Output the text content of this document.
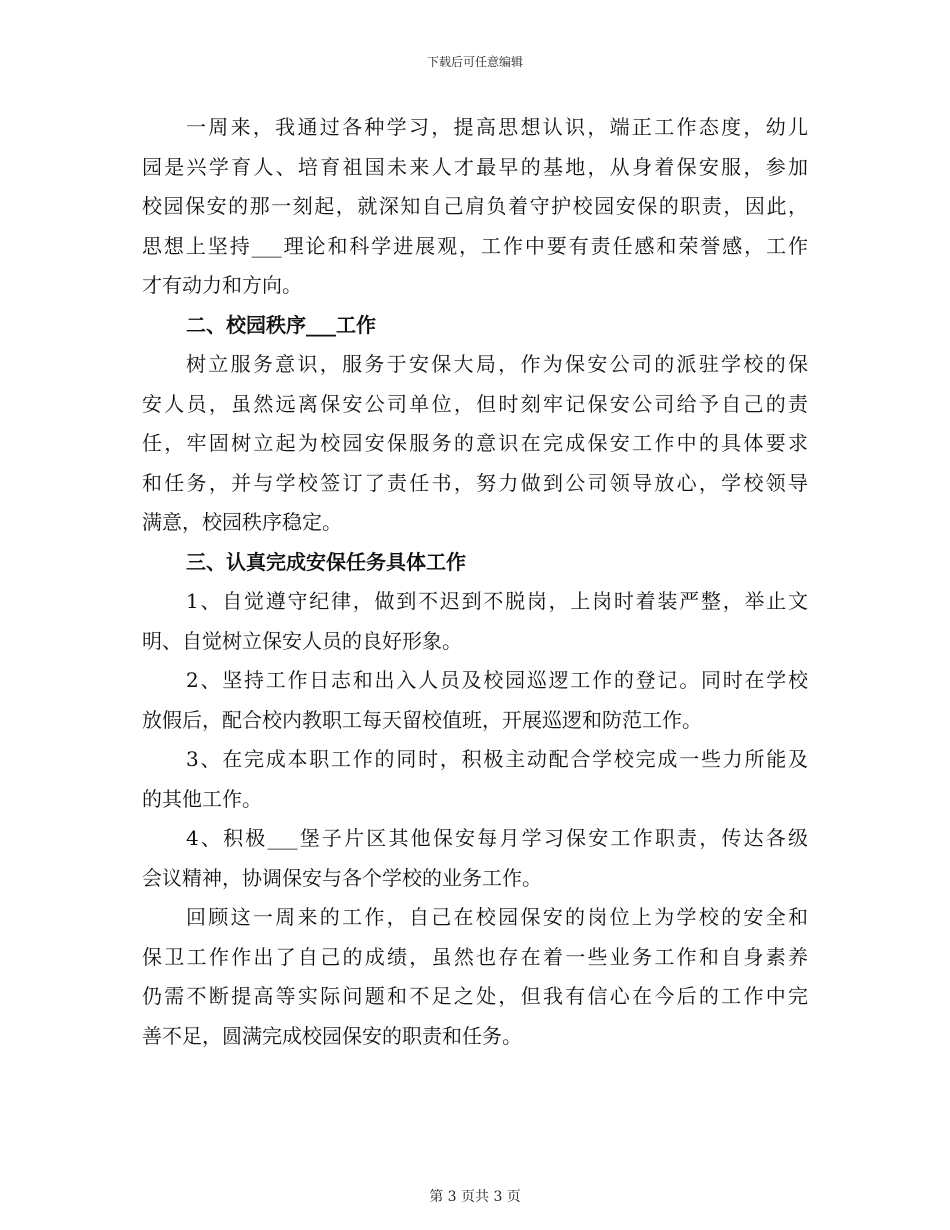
下载后可任意编辑
一周来，我通过各种学习，提高思想认识，端正工作态度，幼儿
园是兴学育人、培育祖国未来人才最早的基地，从身着保安服，参加
校园保安的那一刻起，就深知自己肩负着守护校园安保的职责，因此，
思想上坚持___理论和科学进展观，工作中要有责任感和荣誉感，工作
才有动力和方向。
二、校园秩序___工作
树立服务意识，服务于安保大局，作为保安公司的派驻学校的保
安人员，虽然远离保安公司单位，但时刻牢记保安公司给予自己的责
任，牢固树立起为校园安保服务的意识在完成保安工作中的具体要求
和任务，并与学校签订了责任书，努力做到公司领导放心，学校领导
满意，校园秩序稳定。
三、认真完成安保任务具体工作
1、自觉遵守纪律，做到不迟到不脱岗，上岗时着装严整，举止文
明、自觉树立保安人员的良好形象。
2、坚持工作日志和出入人员及校园巡逻工作的登记。同时在学校
放假后，配合校内教职工每天留校值班，开展巡逻和防范工作。
3、在完成本职工作的同时，积极主动配合学校完成一些力所能及
的其他工作。
4、积极___堡子片区其他保安每月学习保安工作职责，传达各级
会议精神，协调保安与各个学校的业务工作。
回顾这一周来的工作，自己在校园保安的岗位上为学校的安全和
保卫工作作出了自己的成绩，虽然也存在着一些业务工作和自身素养
仍需不断提高等实际问题和不足之处，但我有信心在今后的工作中完
善不足，圆满完成校园保安的职责和任务。
第 3 页共 3 页
